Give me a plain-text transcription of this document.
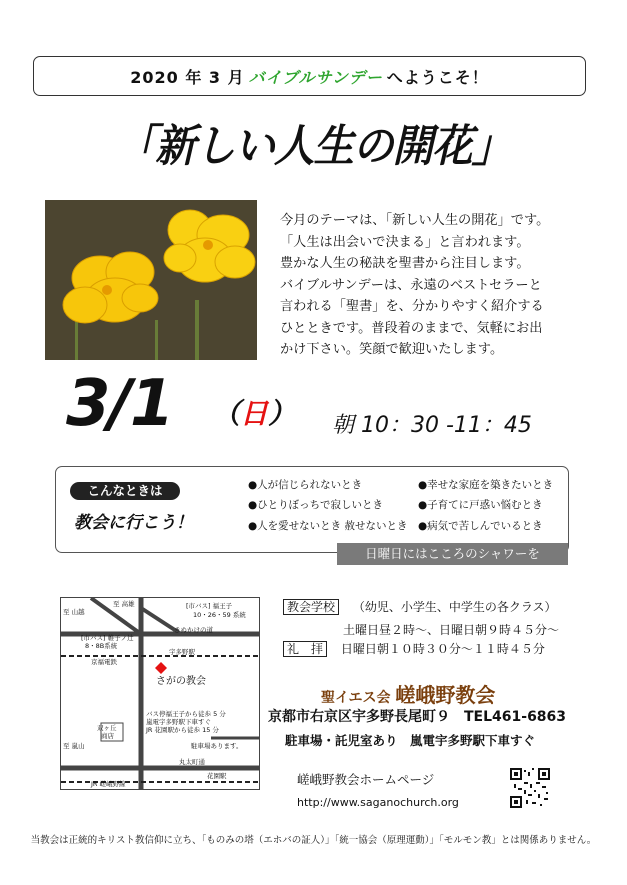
2020 年 3 月 バイブルサンデー へようこそ！
「新しい人生の開花」
今月のテーマは、「新しい人生の開花」です。
「人生は出会いで決まる」と言われます。
豊かな人生の秘訣を聖書から注目します。
バイブルサンデーは、永遠のベストセラーと
言われる「聖書」を、分かりやすく紹介する
ひとときです。普段着のままで、気軽にお出
かけ下さい。笑顔で歓迎いたします。
3/1 （日） 朝 10：30 -11：45
こんなときは
教会に行こう！
●人が信じられないとき
●ひとりぼっちで寂しいとき
●人を愛せないとき 赦せないとき
●幸せな家庭を築きたいとき
●子育てに戸惑い悩むとき
●病気で苦しんでいるとき
日曜日にはこころのシャワーを
至 高雄
至 山越
[市バス] 福王子
10・26・59 系統
[市バス] 帷子ノ辻
8・8B系統
京福電鉄
きぬかけの道
宇多野駅
バス停福王子から徒歩 5 分
嵐電宇多野駅下車すぐ
JR 花園駅から徒歩 15 分
駐車場あります。
丸太町通
花園駅
JR 嵯峨野線
双ヶ丘
商店
至 嵐山
さがの教会
教会学校 （幼児、小学生、中学生の各クラス）
土曜日昼２時〜、日曜日朝９時４５分〜
礼　拝 日曜日朝１０時３０分〜１１時４５分
聖イエス会 嵯峨野教会
京都市右京区宇多野長尾町９　TEL461-6863
駐車場・託児室あり　嵐電宇多野駅下車すぐ
嵯峨野教会ホームページ
http://www.saganochurch.org
当教会は正統的キリスト教信仰に立ち、「ものみの塔（エホバの証人）」「統一協会（原理運動）」「モルモン教」とは関係ありません。
